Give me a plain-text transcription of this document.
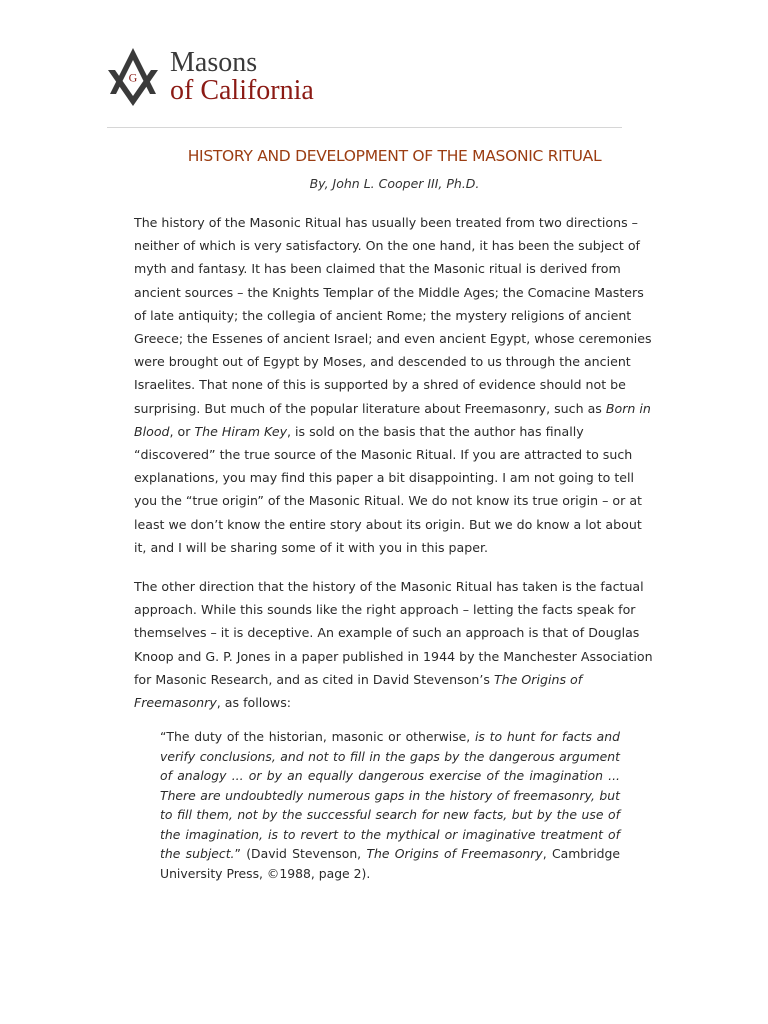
G Masons
of California
HISTORY AND DEVELOPMENT OF THE MASONIC RITUAL
By, John L. Cooper III, Ph.D.

The history of the Masonic Ritual has usually been treated from two directions – neither of which is very satisfactory. On the one hand, it has been the subject of myth and fantasy. It has been claimed that the Masonic ritual is derived from ancient sources – the Knights Templar of the Middle Ages; the Comacine Masters of late antiquity; the collegia of ancient Rome; the mystery religions of ancient Greece; the Essenes of ancient Israel; and even ancient Egypt, whose ceremonies were brought out of Egypt by Moses, and descended to us through the ancient Israelites. That none of this is supported by a shred of evidence should not be surprising. But much of the popular literature about Freemasonry, such as Born in Blood, or The Hiram Key, is sold on the basis that the author has finally “discovered” the true source of the Masonic Ritual. If you are attracted to such explanations, you may find this paper a bit disappointing. I am not going to tell you the “true origin” of the Masonic Ritual. We do not know its true origin – or at least we don’t know the entire story about its origin. But we do know a lot about it, and I will be sharing some of it with you in this paper.

The other direction that the history of the Masonic Ritual has taken is the factual approach. While this sounds like the right approach – letting the facts speak for themselves – it is deceptive. An example of such an approach is that of Douglas Knoop and G. P. Jones in a paper published in 1944 by the Manchester Association for Masonic Research, and as cited in David Stevenson’s The Origins of Freemasonry, as follows:

“The duty of the historian, masonic or otherwise, is to hunt for facts and verify conclusions, and not to fill in the gaps by the dangerous argument of analogy ... or by an equally dangerous exercise of the imagination ... There are undoubtedly numerous gaps in the history of freemasonry, but to fill them, not by the successful search for new facts, but by the use of the imagination, is to revert to the mythical or imaginative treatment of the subject.” (David Stevenson, The Origins of Freemasonry, Cambridge University Press, ©1988, page 2).
